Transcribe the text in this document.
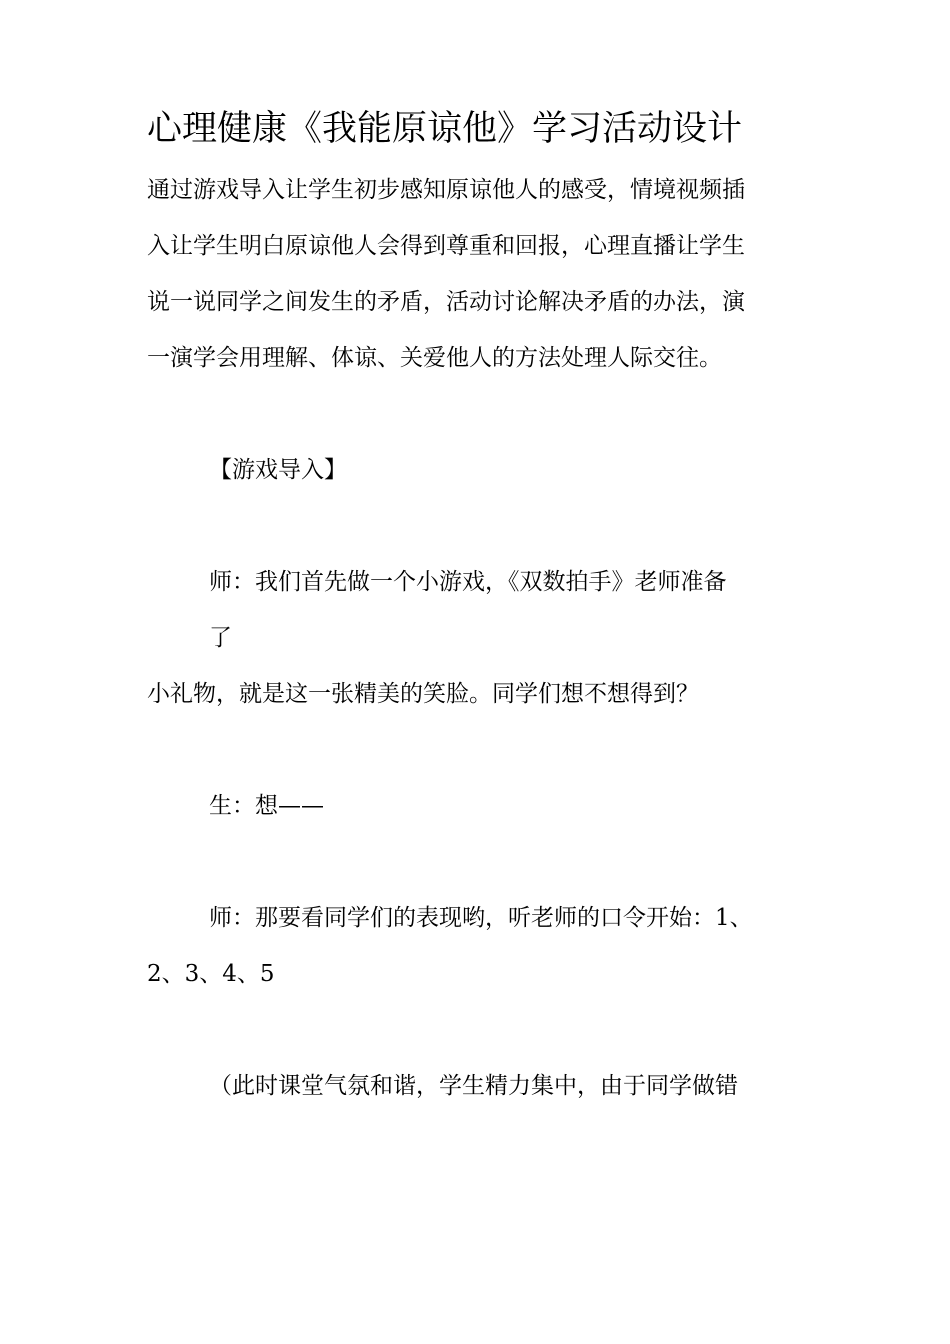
心理健康《我能原谅他》学习活动设计
通过游戏导入让学生初步感知原谅他人的感受，情境视频插
入让学生明白原谅他人会得到尊重和回报，心理直播让学生
说一说同学之间发生的矛盾，活动讨论解决矛盾的办法，演
一演学会用理解、体谅、关爱他人的方法处理人际交往。
【游戏导入】
师：我们首先做一个小游戏，《双数拍手》老师准备
了
小礼物，就是这一张精美的笑脸。同学们想不想得到？
生：想——
师：那要看同学们的表现哟，听老师的口令开始：1、
2、3、4、5
（此时课堂气氛和谐，学生精力集中，由于同学做错
